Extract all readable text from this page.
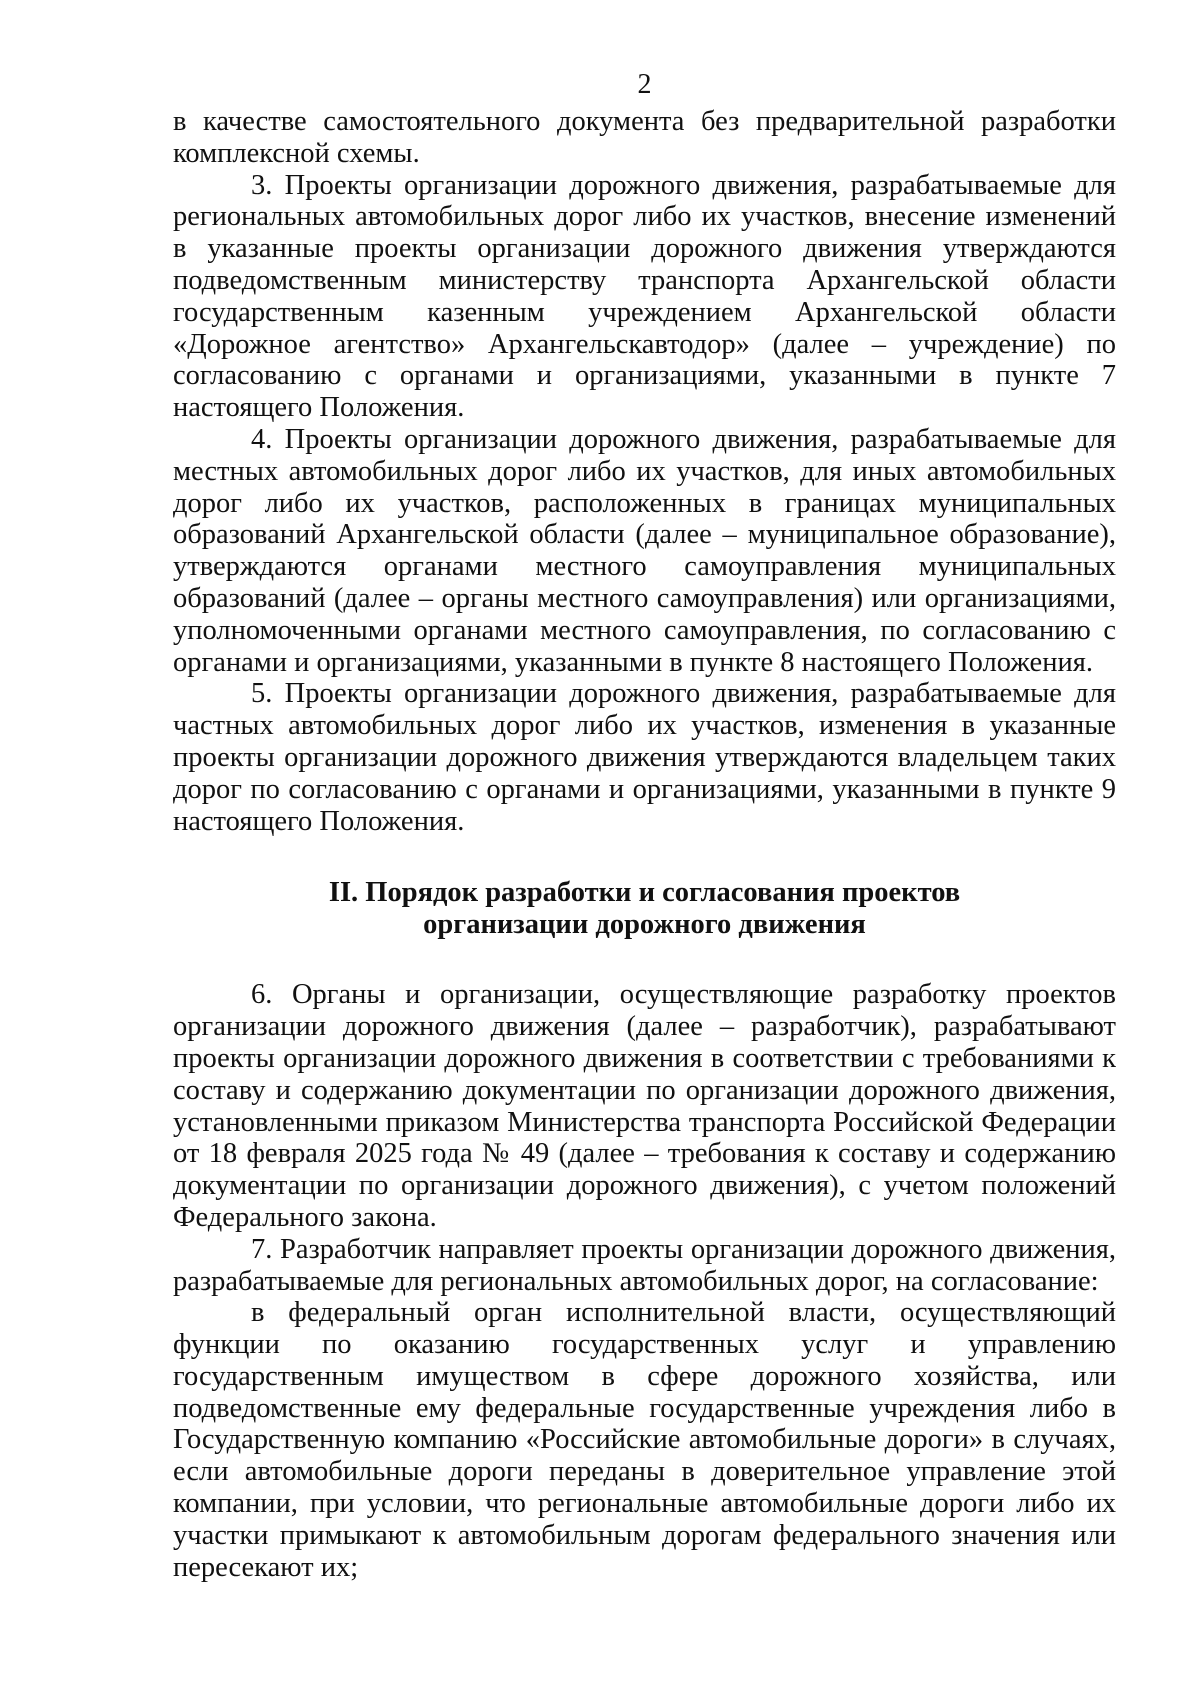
2

в качестве самостоятельного документа без предварительной разработки комплексной схемы.

3. Проекты организации дорожного движения, разрабатываемые для региональных автомобильных дорог либо их участков, внесение изменений в указанные проекты организации дорожного движения утверждаются подведомственным министерству транспорта Архангельской области государственным казенным учреждением Архангельской области «Дорожное агентство» Архангельскавтодор» (далее – учреждение) по согласованию с органами и организациями, указанными в пункте 7 настоящего Положения.

4. Проекты организации дорожного движения, разрабатываемые для местных автомобильных дорог либо их участков, для иных автомобильных дорог либо их участков, расположенных в границах муниципальных образований Архангельской области (далее – муниципальное образование), утверждаются органами местного самоуправления муниципальных образований (далее – органы местного самоуправления) или организациями, уполномоченными органами местного самоуправления, по согласованию с органами и организациями, указанными в пункте 8 настоящего Положения.

5. Проекты организации дорожного движения, разрабатываемые для частных автомобильных дорог либо их участков, изменения в указанные проекты организации дорожного движения утверждаются владельцем таких дорог по согласованию с органами и организациями, указанными в пункте 9 настоящего Положения.

II. Порядок разработки и согласования проектов
организации дорожного движения

6. Органы и организации, осуществляющие разработку проектов организации дорожного движения (далее – разработчик), разрабатывают проекты организации дорожного движения в соответствии с требованиями к составу и содержанию документации по организации дорожного движения, установленными приказом Министерства транспорта Российской Федерации от 18 февраля 2025 года № 49 (далее – требования к составу и содержанию документации по организации дорожного движения), с учетом положений Федерального закона.

7. Разработчик направляет проекты организации дорожного движения, разрабатываемые для региональных автомобильных дорог, на согласование:

в федеральный орган исполнительной власти, осуществляющий функции по оказанию государственных услуг и управлению государственным имуществом в сфере дорожного хозяйства, или подведомственные ему федеральные государственные учреждения либо в Государственную компанию «Российские автомобильные дороги» в случаях, если автомобильные дороги переданы в доверительное управление этой компании, при условии, что региональные автомобильные дороги либо их участки примыкают к автомобильным дорогам федерального значения или пересекают их;
